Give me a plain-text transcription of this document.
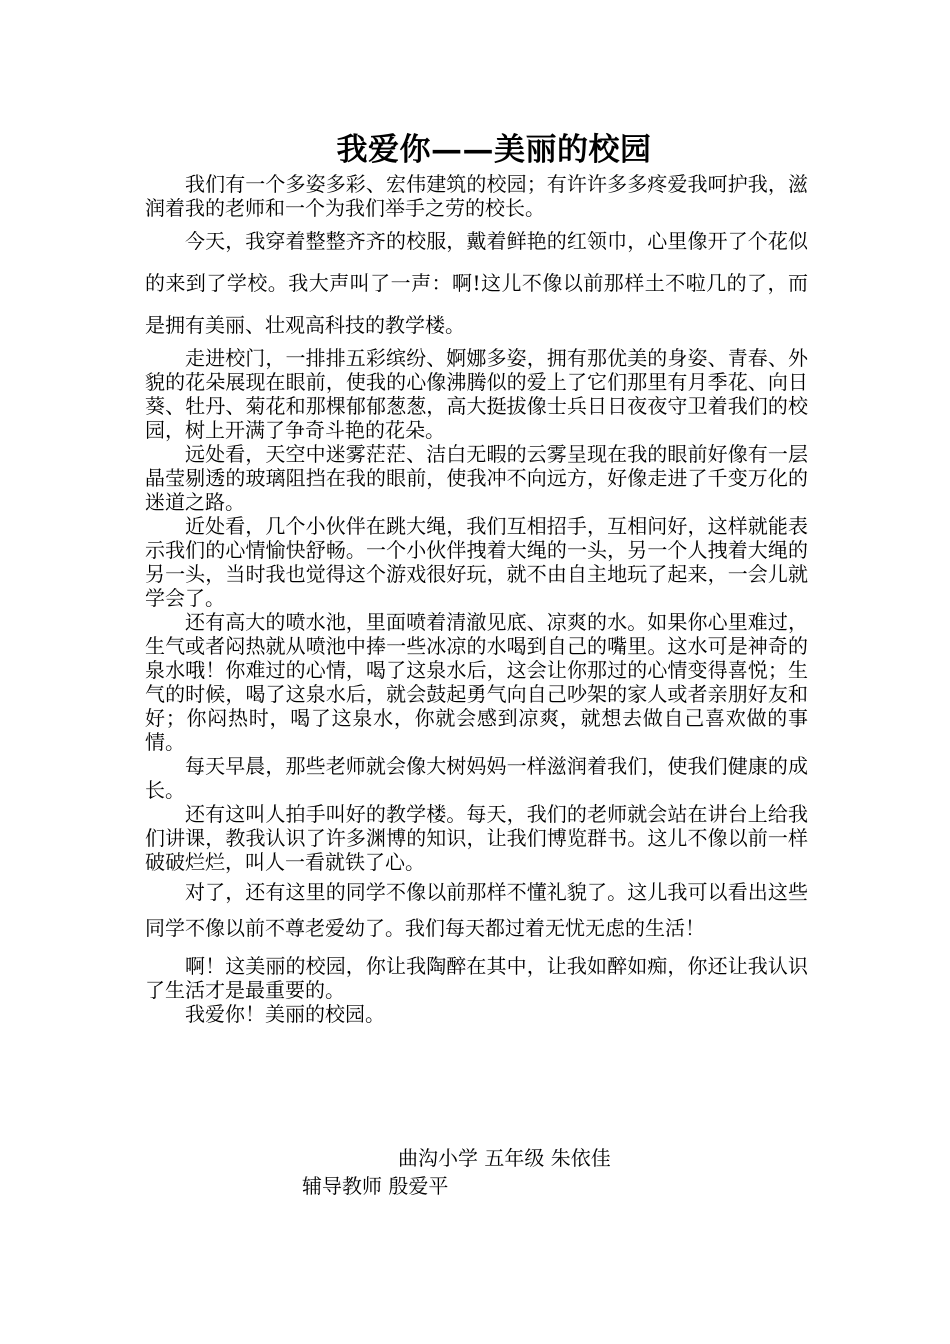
我爱你——美丽的校园

我们有一个多姿多彩、宏伟建筑的校园；有许许多多疼爱我呵护我，滋润着我的老师和一个为我们举手之劳的校长。

今天，我穿着整整齐齐的校服，戴着鲜艳的红领巾，心里像开了个花似的来到了学校。我大声叫了一声：啊!这儿不像以前那样土不啦几的了，而是拥有美丽、壮观高科技的教学楼。

走进校门，一排排五彩缤纷、婀娜多姿，拥有那优美的身姿、青春、外貌的花朵展现在眼前，使我的心像沸腾似的爱上了它们那里有月季花、向日葵、牡丹、菊花和那棵郁郁葱葱，高大挺拔像士兵日日夜夜守卫着我们的校园，树上开满了争奇斗艳的花朵。

远处看，天空中迷雾茫茫、洁白无暇的云雾呈现在我的眼前好像有一层晶莹剔透的玻璃阻挡在我的眼前，使我冲不向远方，好像走进了千变万化的迷道之路。

近处看，几个小伙伴在跳大绳，我们互相招手，互相问好，这样就能表示我们的心情愉快舒畅。一个小伙伴拽着大绳的一头，另一个人拽着大绳的另一头，当时我也觉得这个游戏很好玩，就不由自主地玩了起来，一会儿就学会了。

还有高大的喷水池，里面喷着清澈见底、凉爽的水。如果你心里难过，生气或者闷热就从喷池中捧一些冰凉的水喝到自己的嘴里。这水可是神奇的泉水哦！你难过的心情，喝了这泉水后，这会让你那过的心情变得喜悦；生气的时候，喝了这泉水后，就会鼓起勇气向自己吵架的家人或者亲朋好友和好；你闷热时，喝了这泉水，你就会感到凉爽，就想去做自己喜欢做的事情。

每天早晨，那些老师就会像大树妈妈一样滋润着我们，使我们健康的成长。

还有这叫人拍手叫好的教学楼。每天，我们的老师就会站在讲台上给我们讲课，教我认识了许多渊博的知识，让我们博览群书。这儿不像以前一样破破烂烂，叫人一看就铁了心。

对了，还有这里的同学不像以前那样不懂礼貌了。这儿我可以看出这些同学不像以前不尊老爱幼了。我们每天都过着无忧无虑的生活！

啊！这美丽的校园，你让我陶醉在其中，让我如醉如痴，你还让我认识了生活才是最重要的。

我爱你！美丽的校园。

曲沟小学 五年级 朱依佳
辅导教师 殷爱平
